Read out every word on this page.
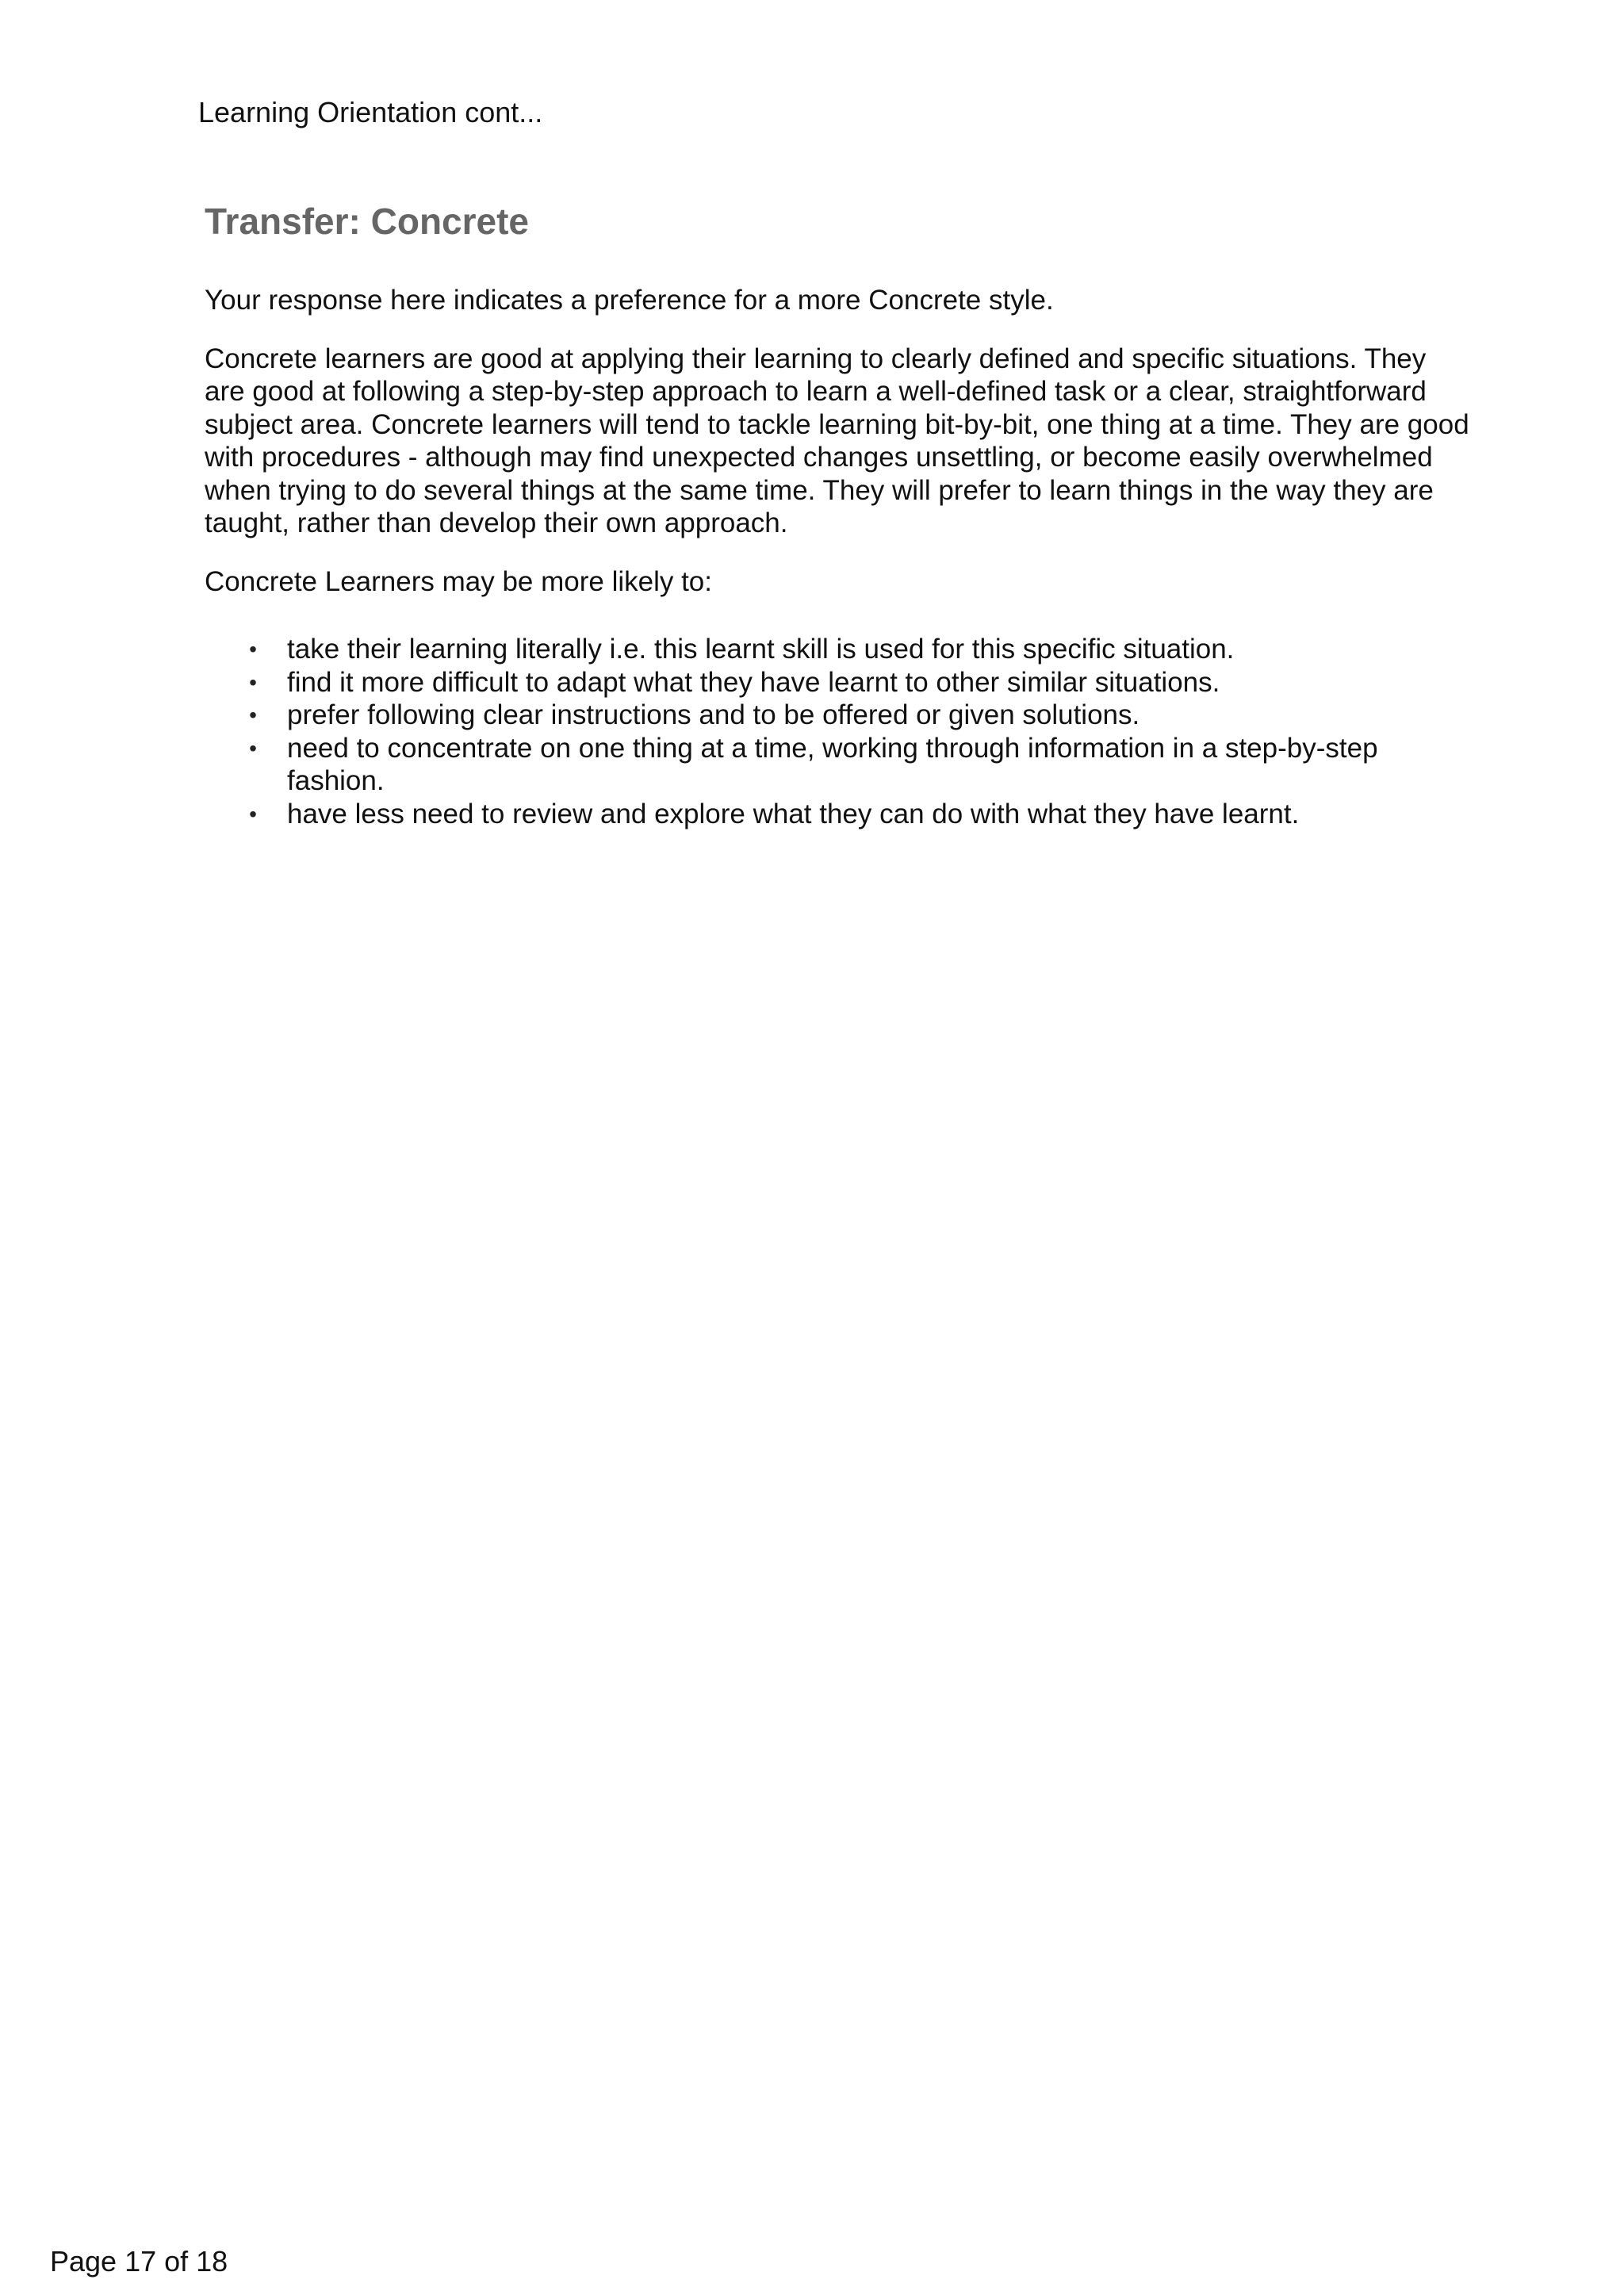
Learning Orientation cont...
Transfer: Concrete

Your response here indicates a preference for a more Concrete style.

Concrete learners are good at applying their learning to clearly defined and specific situations. They are good at following a step-by-step approach to learn a well-defined task or a clear, straightforward subject area. Concrete learners will tend to tackle learning bit-by-bit, one thing at a time. They are good with procedures - although may find unexpected changes unsettling, or become easily overwhelmed when trying to do several things at the same time. They will prefer to learn things in the way they are taught, rather than develop their own approach.

Concrete Learners may be more likely to:

• take their learning literally i.e. this learnt skill is used for this specific situation.
• find it more difficult to adapt what they have learnt to other similar situations.
• prefer following clear instructions and to be offered or given solutions.
• need to concentrate on one thing at a time, working through information in a step-by-step fashion.
• have less need to review and explore what they can do with what they have learnt.
Page 17 of 18
